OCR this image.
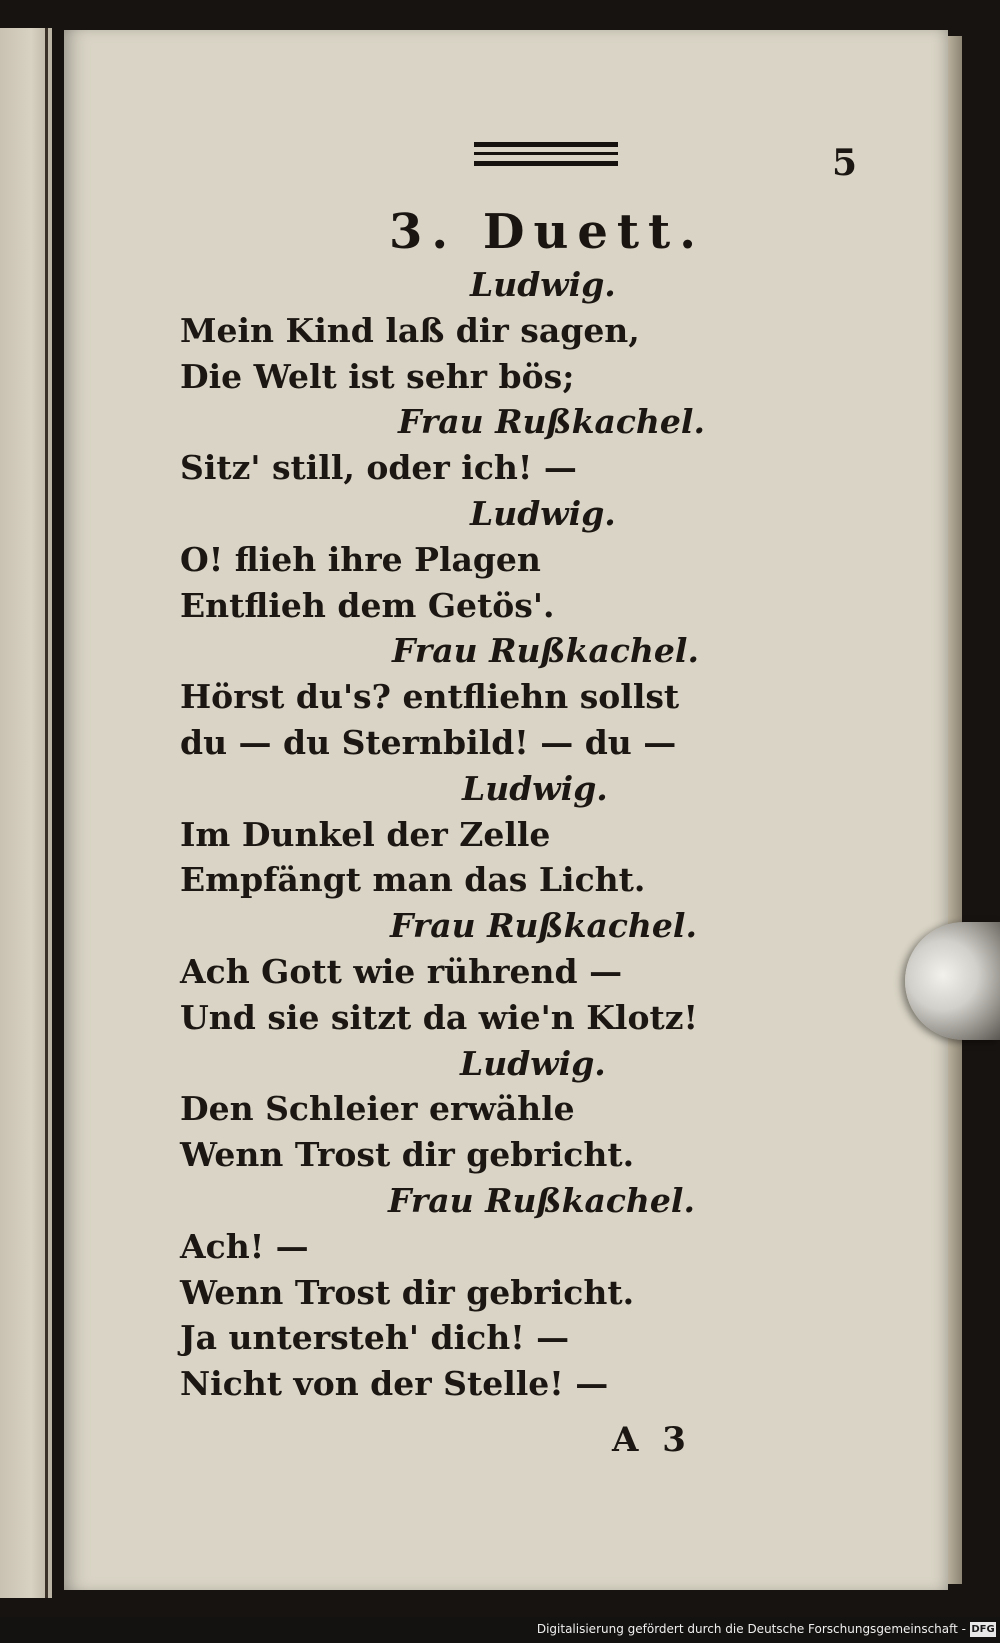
5
3. Duett.
Ludwig.
Mein Kind laß dir sagen,
Die Welt ist sehr bös;
Frau Rußkachel.
Sitz' still, oder ich! —
Ludwig.
O! flieh ihre Plagen
Entflieh dem Getös'.
Frau Rußkachel.
Hörst du's? entfliehn sollst
du — du Sternbild! — du —
Ludwig.
Im Dunkel der Zelle
Empfängt man das Licht.
Frau Rußkachel.
Ach Gott wie rührend —
Und sie sitzt da wie'n Klotz!
Ludwig.
Den Schleier erwähle
Wenn Trost dir gebricht.
Frau Rußkachel.
Ach! —
Wenn Trost dir gebricht.
Ja untersteh' dich! —
Nicht von der Stelle! —
A 3
Digitalisierung gefördert durch die Deutsche Forschungsgemeinschaft - DFG
